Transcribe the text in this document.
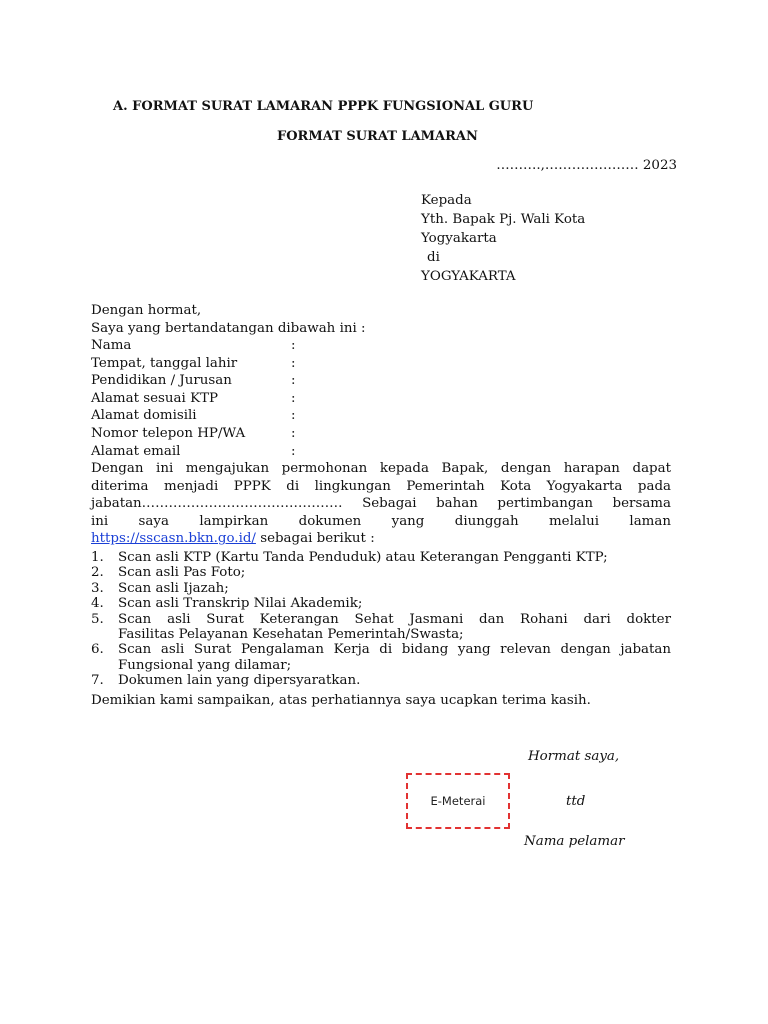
A. FORMAT SURAT LAMARAN PPPK FUNGSIONAL GURU
FORMAT SURAT LAMARAN
……….,………………… 2023
Kepada
Yth. Bapak Pj. Wali Kota
Yogyakarta
di
YOGYAKARTA
Dengan hormat,
Saya yang bertandatangan dibawah ini :
Nama	:
Tempat, tanggal lahir	:
Pendidikan / Jurusan	:
Alamat sesuai KTP	:
Alamat domisili	:
Nomor telepon HP/WA	:
Alamat email	:
Dengan ini mengajukan permohonan kepada Bapak, dengan harapan dapat
diterima menjadi PPPK di lingkungan Pemerintah Kota Yogyakarta pada
jabatan……………………………………… Sebagai bahan pertimbangan bersama
ini saya lampirkan dokumen yang diunggah melalui laman
https://sscasn.bkn.go.id/ sebagai berikut :
1. Scan asli KTP (Kartu Tanda Penduduk) atau Keterangan Pengganti KTP;
2. Scan asli Pas Foto;
3. Scan asli Ijazah;
4. Scan asli Transkrip Nilai Akademik;
5. Scan asli Surat Keterangan Sehat Jasmani dan Rohani dari dokter
Fasilitas Pelayanan Kesehatan Pemerintah/Swasta;
6. Scan asli Surat Pengalaman Kerja di bidang yang relevan dengan jabatan
Fungsional yang dilamar;
7. Dokumen lain yang dipersyaratkan.
Demikian kami sampaikan, atas perhatiannya saya ucapkan terima kasih.
Hormat saya,
ttd
Nama pelamar
E-Meterai
